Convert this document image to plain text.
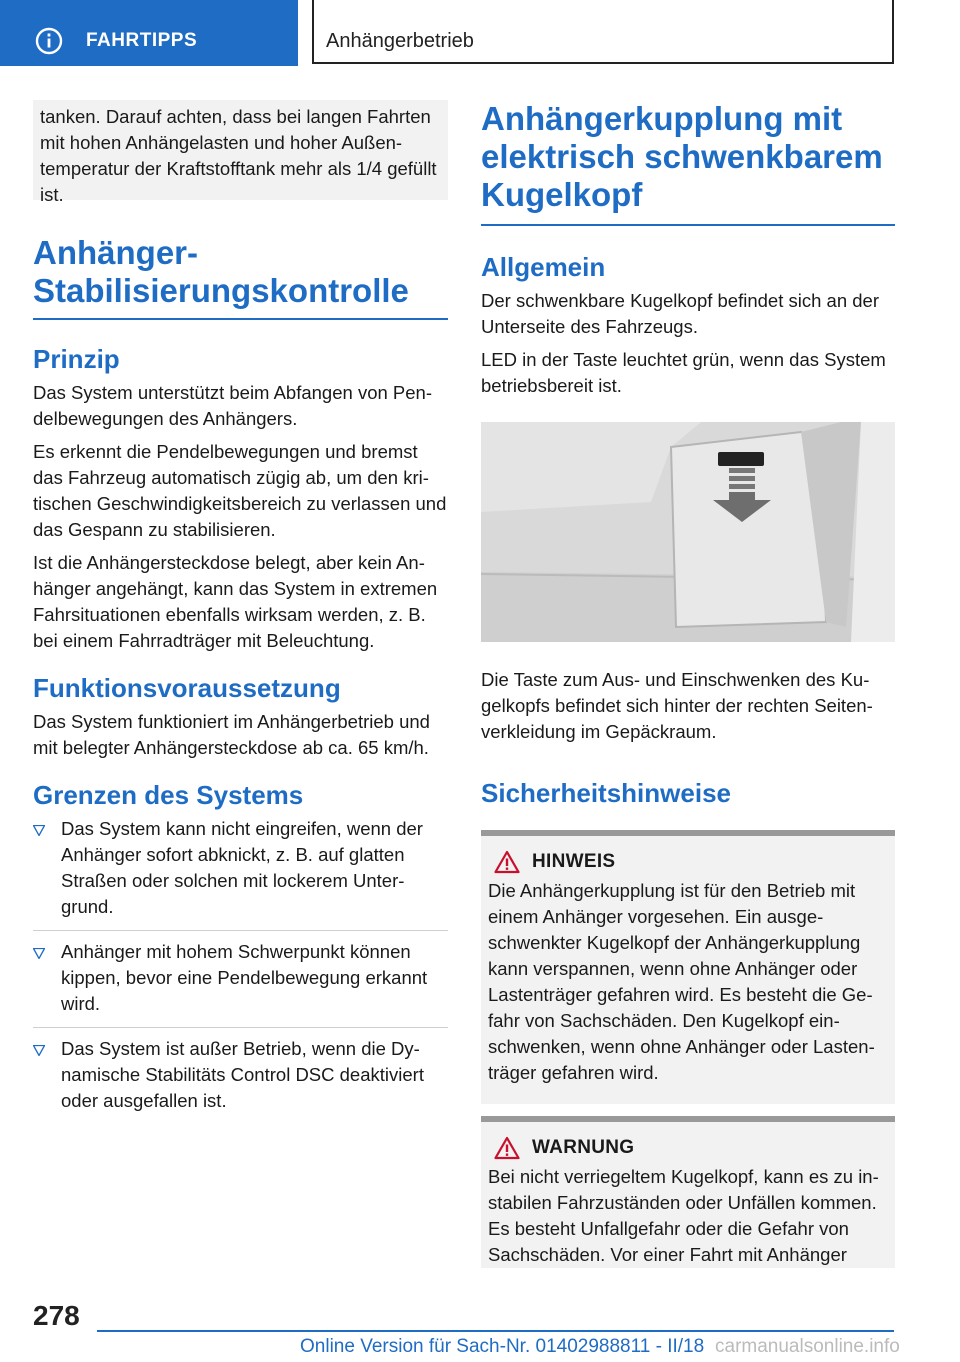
FAHRTIPPS	Anhängerbetrieb
tanken. Darauf achten, dass bei langen Fahrten mit hohen Anhängelasten und hoher Außentemperatur der Kraftstofftank mehr als 1/4 gefüllt ist.
Anhänger-
Stabilisierungskontrolle
Prinzip

Das System unterstützt beim Abfangen von Pendelbewegungen des Anhängers.

Es erkennt die Pendelbewegungen und bremst das Fahrzeug automatisch zügig ab, um den kritischen Geschwindigkeitsbereich zu verlassen und das Gespann zu stabilisieren.

Ist die Anhängersteckdose belegt, aber kein Anhänger angehängt, kann das System in extremen Fahrsituationen ebenfalls wirksam werden, z. B. bei einem Fahrradträger mit Beleuchtung.

Funktionsvoraussetzung

Das System funktioniert im Anhängerbetrieb und mit belegter Anhängersteckdose ab ca. 65 km/h.

Grenzen des Systems
Das System kann nicht eingreifen, wenn der Anhänger sofort abknickt, z. B. auf glatten Straßen oder solchen mit lockerem Untergrund.
Anhänger mit hohem Schwerpunkt können kippen, bevor eine Pendelbewegung erkannt wird.
Das System ist außer Betrieb, wenn die Dynamische Stabilitäts Control DSC deaktiviert oder ausgefallen ist.
Anhängerkupplung mit
elektrisch schwenkbarem
Kugelkopf
Allgemein

Der schwenkbare Kugelkopf befindet sich an der Unterseite des Fahrzeugs.

LED in der Taste leuchtet grün, wenn das System betriebsbereit ist.

Die Taste zum Aus- und Einschwenken des Kugelkopfs befindet sich hinter der rechten Seitenverkleidung im Gepäckraum.

Sicherheitshinweise
HINWEIS

Die Anhängerkupplung ist für den Betrieb mit einem Anhänger vorgesehen. Ein ausgeschwenkter Kugelkopf der Anhängerkupplung kann verspannen, wenn ohne Anhänger oder Lastenträger gefahren wird. Es besteht die Gefahr von Sachschäden. Den Kugelkopf einschwenken, wenn ohne Anhänger oder Lastenträger gefahren wird.

WARNUNG

Bei nicht verriegeltem Kugelkopf, kann es zu instabilen Fahrzuständen oder Unfällen kommen. Es besteht Unfallgefahr oder die Gefahr von Sachschäden. Vor einer Fahrt mit Anhänger

278
Online Version für Sach-Nr. 01402988811 - II/18 carmanualsonline.info
